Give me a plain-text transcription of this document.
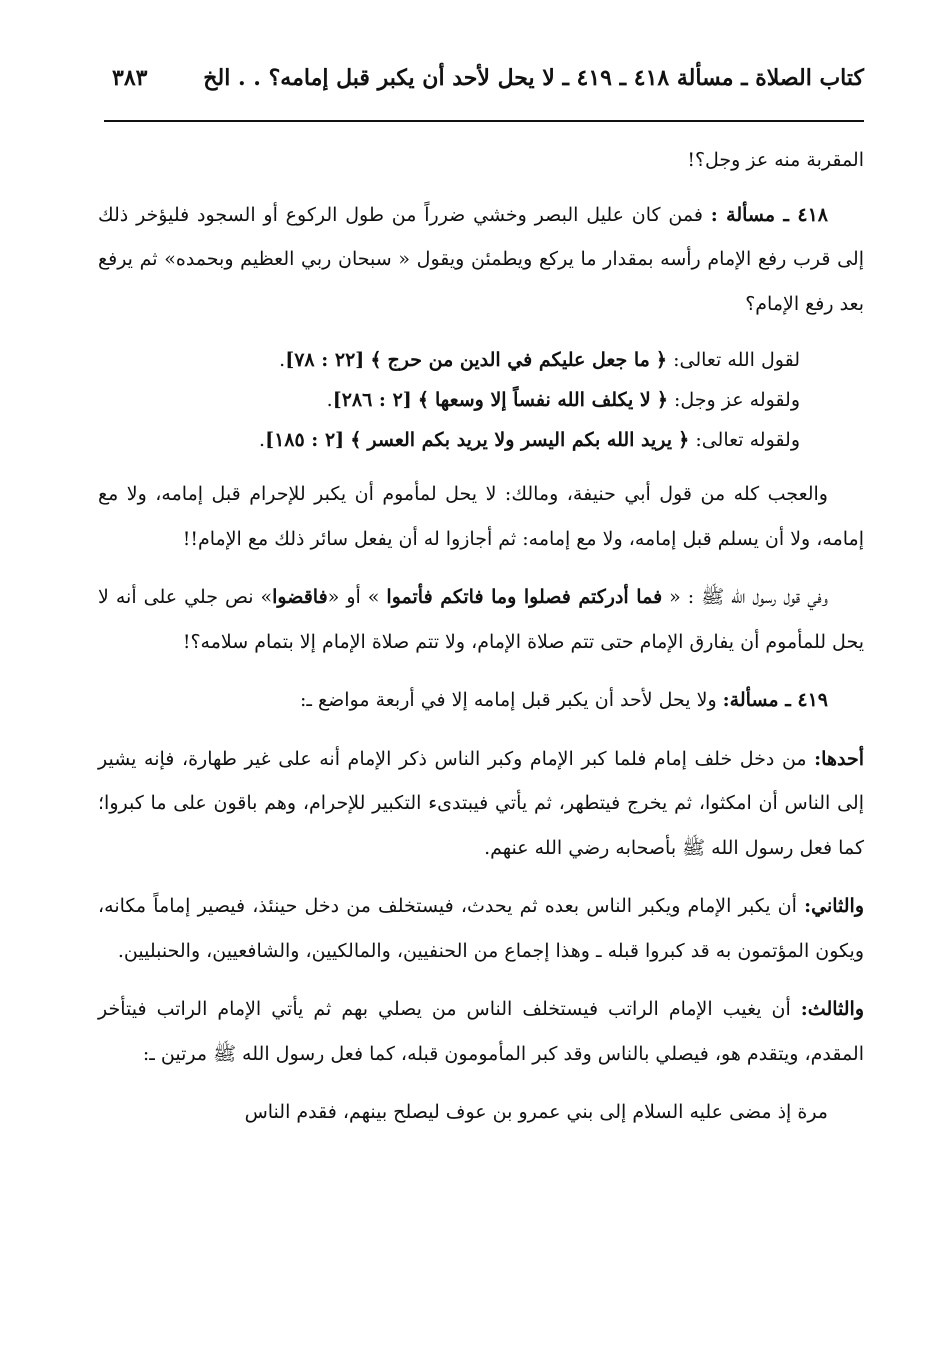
كتاب الصلاة ـ مسألة ٤١٨ ـ ٤١٩ ـ لا يحل لأحد أن يكبر قبل إمامه؟ . . الخ
٣٨٣

المقربة منه عز وجل؟!

٤١٨ ـ مسألة : فمن كان عليل البصر وخشي ضرراً من طول الركوع أو السجود فليؤخر ذلك إلى قرب رفع الإمام رأسه بمقدار ما يركع ويطمئن ويقول « سبحان ربي العظيم وبحمده» ثم يرفع بعد رفع الإمام؟

لقول الله تعالى: ﴿ ما جعل عليكم في الدين من حرج ﴾ [٢٢ : ٧٨].
ولقوله عز وجل: ﴿ لا يكلف الله نفساً إلا وسعها ﴾ [٢ : ٢٨٦].
ولقوله تعالى: ﴿ يريد الله بكم اليسر ولا يريد بكم العسر ﴾ [٢ : ١٨٥].

والعجب كله من قول أبي حنيفة، ومالك: لا يحل لمأموم أن يكبر للإحرام قبل إمامه، ولا مع إمامه، ولا أن يسلم قبل إمامه، ولا مع إمامه: ثم أجازوا له أن يفعل سائر ذلك مع الإمام!!

وفي قول رسول الله ﷺ : « فما أدركتم فصلوا وما فاتكم فأتموا » أو «فاقضوا» نص جلي على أنه لا يحل للمأموم أن يفارق الإمام حتى تتم صلاة الإمام، ولا تتم صلاة الإمام إلا بتمام سلامه؟!

٤١٩ ـ مسألة: ولا يحل لأحد أن يكبر قبل إمامه إلا في أربعة مواضع ـ:

أحدها: من دخل خلف إمام فلما كبر الإمام وكبر الناس ذكر الإمام أنه على غير طهارة، فإنه يشير إلى الناس أن امكثوا، ثم يخرج فيتطهر، ثم يأتي فيبتدىء التكبير للإحرام، وهم باقون على ما كبروا؛ كما فعل رسول الله ﷺ بأصحابه رضي الله عنهم.

والثاني: أن يكبر الإمام ويكبر الناس بعده ثم يحدث، فيستخلف من دخل حينئذ، فيصير إماماً مكانه، ويكون المؤتمون به قد كبروا قبله ـ وهذا إجماع من الحنفيين، والمالكيين، والشافعيين، والحنبليين.

والثالث: أن يغيب الإمام الراتب فيستخلف الناس من يصلي بهم ثم يأتي الإمام الراتب فيتأخر المقدم، ويتقدم هو، فيصلي بالناس وقد كبر المأمومون قبله، كما فعل رسول الله ﷺ مرتين ـ:

مرة إذ مضى عليه السلام إلى بني عمرو بن عوف ليصلح بينهم، فقدم الناس
